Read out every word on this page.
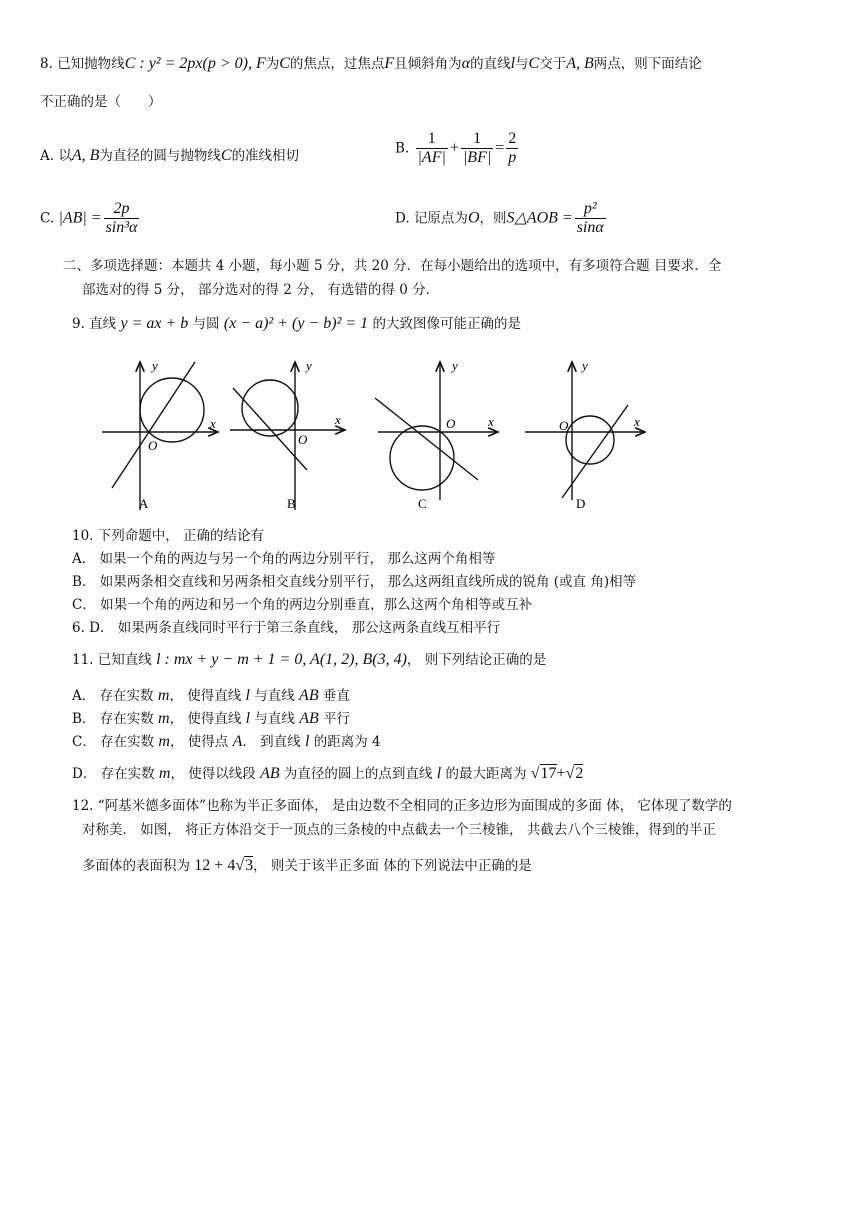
8. 已知抛物线C : y² = 2px(p > 0), F为C的焦点，过焦点F且倾斜角为α的直线l与C交于A, B两点，则下面结论
不正确的是（　　）
A. 以A, B为直径的圆与抛物线C的准线相切	B. $\frac{1}{|AF|} + \frac{1}{|BF|} = \frac{2}{p}$
C. $|AB| = \frac{2p}{\text{sin³α}}$	D. 记原点为O，则S△AOB = $\frac{\text{p²}}{\sin\alpha}$
二、多项选择题：本题共 4 小题，每小题 5 分，共 20 分．在每小题给出的选项中，有多项符合题 目要求．全
部选对的得 5 分， 部分选对的得 2 分， 有选错的得 0 分．
9. 直线 y = ax + b 与圆 (x − a)² + (y − b)² = 1 的大致图像可能正确的是
x
y
O
A
x
y
O
B
x
y
O
C
x
y
O
D
10. 下列命题中， 正确的结论有
A． 如果一个角的两边与另一个角的两边分别平行， 那么这两个角相等
B． 如果两条相交直线和另两条相交直线分别平行， 那么这两组直线所成的锐角 (或直 角)相等
C． 如果一个角的两边和另一个角的两边分别垂直，那么这两个角相等或互补
6. D． 如果两条直线同时平行于第三条直线， 那公这两条直线互相平行
11. 已知直线 l : mx + y − m + 1 = 0, A(1, 2), B(3, 4)， 则下列结论正确的是
A． 存在实数 m， 使得直线 l 与直线 AB 垂直
B． 存在实数 m， 使得直线 l 与直线 AB 平行
C． 存在实数 m， 使得点 A． 到直线 l 的距离为 4
D． 存在实数 m， 使得以线段 AB 为直径的圆上的点到直线 l 的最大距离为 √17+√2
12. “阿基米德多面体”也称为半正多面体， 是由边数不全相同的正多边形为面围成的多面 体， 它体现了数学的
对称美． 如图， 将正方体沿交于一顶点的三条棱的中点截去一个三棱锥， 共截去八个三棱锥，得到的半正
多面体的表面积为 12 + 4√3， 则关于该半正多面 体的下列说法中正确的是
